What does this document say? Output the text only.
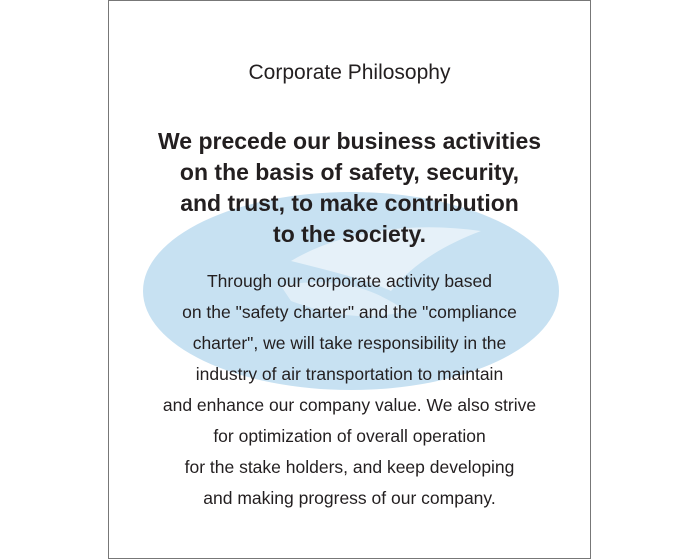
Corporate Philosophy

We precede our business activities
on the basis of safety, security,
and trust, to make contribution
to the society.

Through our corporate activity based
on the "safety charter" and the "compliance
charter", we will take responsibility in the
industry of air transportation to maintain
and enhance our company value. We also strive
for optimization of overall operation
for the stake holders, and keep developing
and making progress of our company.
